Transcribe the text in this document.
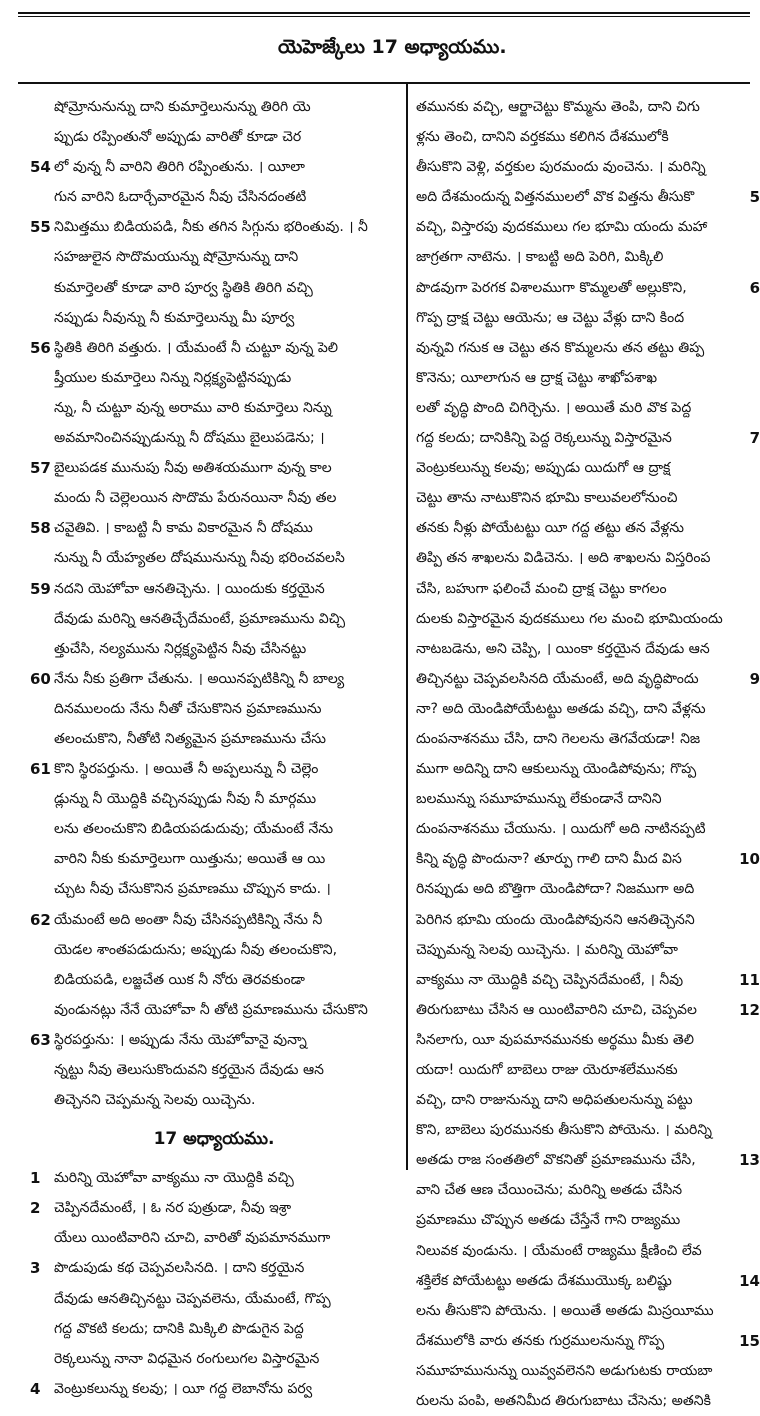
యెహెజ్కేలు 17 అధ్యాయము.
షోమ్రోనునున్ను దాని కుమార్తెలునున్ను తిరిగి యె
ప్పుడు రప్పింతునో అప్పుడు వారితో కూడా చెర
54 లో వున్న నీ వారిని తిరిగి రప్పింతును. । యీలా
గున వారిని ఓదార్చేవారమైన నీవు చేసినదంతటి
55 నిమిత్తము బిడియపడి, నీకు తగిన సిగ్గును భరింతువు. । నీ
సహజులైన సొదొమయున్ను షోమ్రోనున్ను దాని
కుమార్తెలతో కూడా వారి పూర్వ స్థితికి తిరిగి వచ్చి
నప్పుడు నీవున్ను నీ కుమార్తెలున్ను మీ పూర్వ
56 స్థితికి తిరిగి వత్తురు. । యేమంటే నీ చుట్టూ వున్న పెలి
ష్తీయుల కుమార్తెలు నిన్ను నిర్లక్ష్యపెట్టినప్పుడు
న్ను, నీ చుట్టూ వున్న అరాము వారి కుమార్తెలు నిన్ను
అవమానించినప్పుడున్ను నీ దోషము బైలుపడెను; ।
57 బైలుపడక మునుపు నీవు అతిశయముగా వున్న కాల
మందు నీ చెల్లెలయిన సొదొమ పేరునయినా నీవు తల
58 చవైతివి. । కాబట్టి నీ కామ వికారమైన నీ దోషము
నున్ను నీ యేహ్యతల దోషమునున్ను నీవు భరించవలసి
59 నదని యెహోవా ఆనతిచ్చెను. । యిందుకు కర్తయైన
దేవుడు మరిన్ని ఆనతిచ్చేదేమంటే, ప్రమాణమును విచ్చి
త్తుచేసి, నల్యమును నిర్లక్ష్యపెట్టిన నీవు చేసినట్టు
60 నేను నీకు ప్రతిగా చేతును. । అయినప్పటికిన్ని నీ బాల్య
దినములందు నేను నీతో చేసుకొనిన ప్రమాణమును
తలంచుకొని, నీతోటి నిత్యమైన ప్రమాణమును చేసు
61 కొని స్థిరపర్తును. । అయితే నీ అప్పలున్ను నీ చెల్లెం
డ్లున్ను నీ యొద్దికి వచ్చినప్పుడు నీవు నీ మార్గము
లను తలంచుకొని బిడియపడుదువు; యేమంటే నేను
వారిని నీకు కుమార్తెలుగా యిత్తును; అయితే ఆ యి
చ్చుట నీవు చేసుకొనిన ప్రమాణము చొప్పున కాదు. ।
62 యేమంటే అది అంతా నీవు చేసినప్పటికిన్ని నేను నీ
యెడల శాంతపడుదును; అప్పుడు నీవు తలంచుకొని,
బిడియపడి, లజ్జచేత యిక నీ నోరు తెరవకుండా
వుండునట్లు నేనే యెహోవా నీ తోటి ప్రమాణమును చేసుకొని
63 స్థిరపర్తును: । అప్పుడు నేను యెహోవానై వున్నా
న్నట్టు నీవు తెలుసుకొందువని కర్తయైన దేవుడు ఆన
తిచ్చెనని చెప్పమన్న సెలవు యిచ్చెను.
17 అధ్యాయము.
1 మరిన్ని యెహోవా వాక్యము నా యొద్దికి వచ్చి
2 చెప్పినదేమంటే, । ఓ నర పుత్రుడా, నీవు ఇశ్రా
యేలు యింటివారిని చూచి, వారితో వుపమానముగా
3 పొడుపుడు కథ చెప్పవలసినది. । దాని కర్తయైన
దేవుడు ఆనతిచ్చినట్టు చెప్పవలెను, యేమంటే, గొప్ప
గద్ద వొకటి కలదు; దానికి మిక్కిలి పొడుగైన పెద్ద
రెక్కలున్ను నానా విధమైన రంగులుగల విస్తారమైన
4 వెంట్రుకలున్ను కలవు; । యీ గద్ద లెబానోను పర్వ
తమునకు వచ్చి, ఆర్జాచెట్టు కొమ్మను తెంపి, దాని చిగు
ళ్లను తెంచి, దానిని వర్తకము కలిగిన దేశములోకి
తీసుకొని వెళ్లి, వర్తకుల పురమందు వుంచెను. । మరిన్ని
5
అది దేశమందున్న విత్తనములలో వొక విత్తను తీసుకొ
వచ్చి, విస్తారపు వుదకములు గల భూమి యందు మహా
జాగ్రతగా నాటెను. । కాబట్టి అది పెరిగి, మిక్కిలి
6
పొడవుగా పెరగక విశాలముగా కొమ్మలతో అల్లుకొని,
గొప్ప ద్రాక్ష చెట్టు ఆయెను; ఆ చెట్టు వేళ్లు దాని కింద
వున్నవి గనుక ఆ చెట్టు తన కొమ్మలను తన తట్టు తిప్ప
కొనెను; యీలాగున ఆ ద్రాక్ష చెట్టు శాఖోపశాఖ
లతో వృద్ధి పొంది చిగిర్చెను. । అయితే మరి వొక పెద్ద
7
గద్ద కలదు; దానికిన్ని పెద్ద రెక్కలున్ను విస్తారమైన
వెంట్రుకలున్ను కలవు; అప్పుడు యిదుగో ఆ ద్రాక్ష
చెట్టు తాను నాటుకొనిన భూమి కాలువలలోనుంచి
తనకు నీళ్లు పోయేటట్టు యీ గద్ద తట్టు తన వేళ్లను
తిప్పి తన శాఖలను విడిచెను. । అది శాఖలను విస్తరింప
చేసి, బహుగా ఫలించే మంచి ద్రాక్ష చెట్టు కాగలం
దులకు విస్తారమైన వుదకములు గల మంచి భూమియందు
నాటబడెను, అని చెప్పి, । యింకా కర్తయైన దేవుడు ఆన
9
తిచ్చినట్టు చెప్పవలసినది యేమంటే, అది వృద్ధిపొందు
నా? అది యెండిపోయేటట్టు అతడు వచ్చి, దాని వేళ్లను
దుంపనాశనము చేసి, దాని గెలలను తెగవేయడా! నిజ
ముగా అదిన్ని దాని ఆకులున్ను యెండిపోవును; గొప్ప
బలమున్ను సమూహమున్ను లేకుండానే దానిని
దుంపనాశనము చేయును. । యిదుగో అది నాటినప్పటి
10
కిన్ని వృద్ధి పొందునా? తూర్పు గాలి దాని మీద విస
రినప్పుడు అది బొత్తిగా యెండిపోదా? నిజముగా అది
పెరిగిన భూమి యందు యెండిపోవునని ఆనతిచ్చెనని
చెప్పుమన్న సెలవు యిచ్చెను. । మరిన్ని యెహోవా
11
వాక్యము నా యొద్దికి వచ్చి చెప్పినదేమంటే, । నీవు
12
తిరుగుబాటు చేసిన ఆ యింటివారిని చూచి, చెప్పవల
సినలాగు, యీ వుపమానమునకు అర్థము మీకు తెలి
యదా! యిదుగో బాబెలు రాజు యెరూశలేమునకు
వచ్చి, దాని రాజునున్ను దాని అధిపతులనున్ను పట్టు
కొని, బాబెలు పురమునకు తీసుకొని పోయెను. । మరిన్ని
13
అతడు రాజ సంతతిలో వొకనితో ప్రమాణమును చేసి,
వాని చేత ఆణ చేయించెను; మరిన్ని అతడు చేసిన
ప్రమాణము చొప్పున అతడు చేస్తేనే గాని రాజ్యము
నిలువక వుండును. । యేమంటే రాజ్యము క్షీణించి లేవ
14
శక్తిలేక పోయేటట్టు అతడు దేశముయొక్క బలిష్టు
లను తీసుకొని పోయెను. । అయితే అతడు మిస్రయీము
15
దేశములోకి వారు తనకు గుర్రములనున్ను గొప్ప
సమూహమునున్ను యివ్వవలెనని అడుగుటకు రాయబా
రులను పంపి, అతనిమీద తిరుగుబాటు చేసెను; అతనికి
